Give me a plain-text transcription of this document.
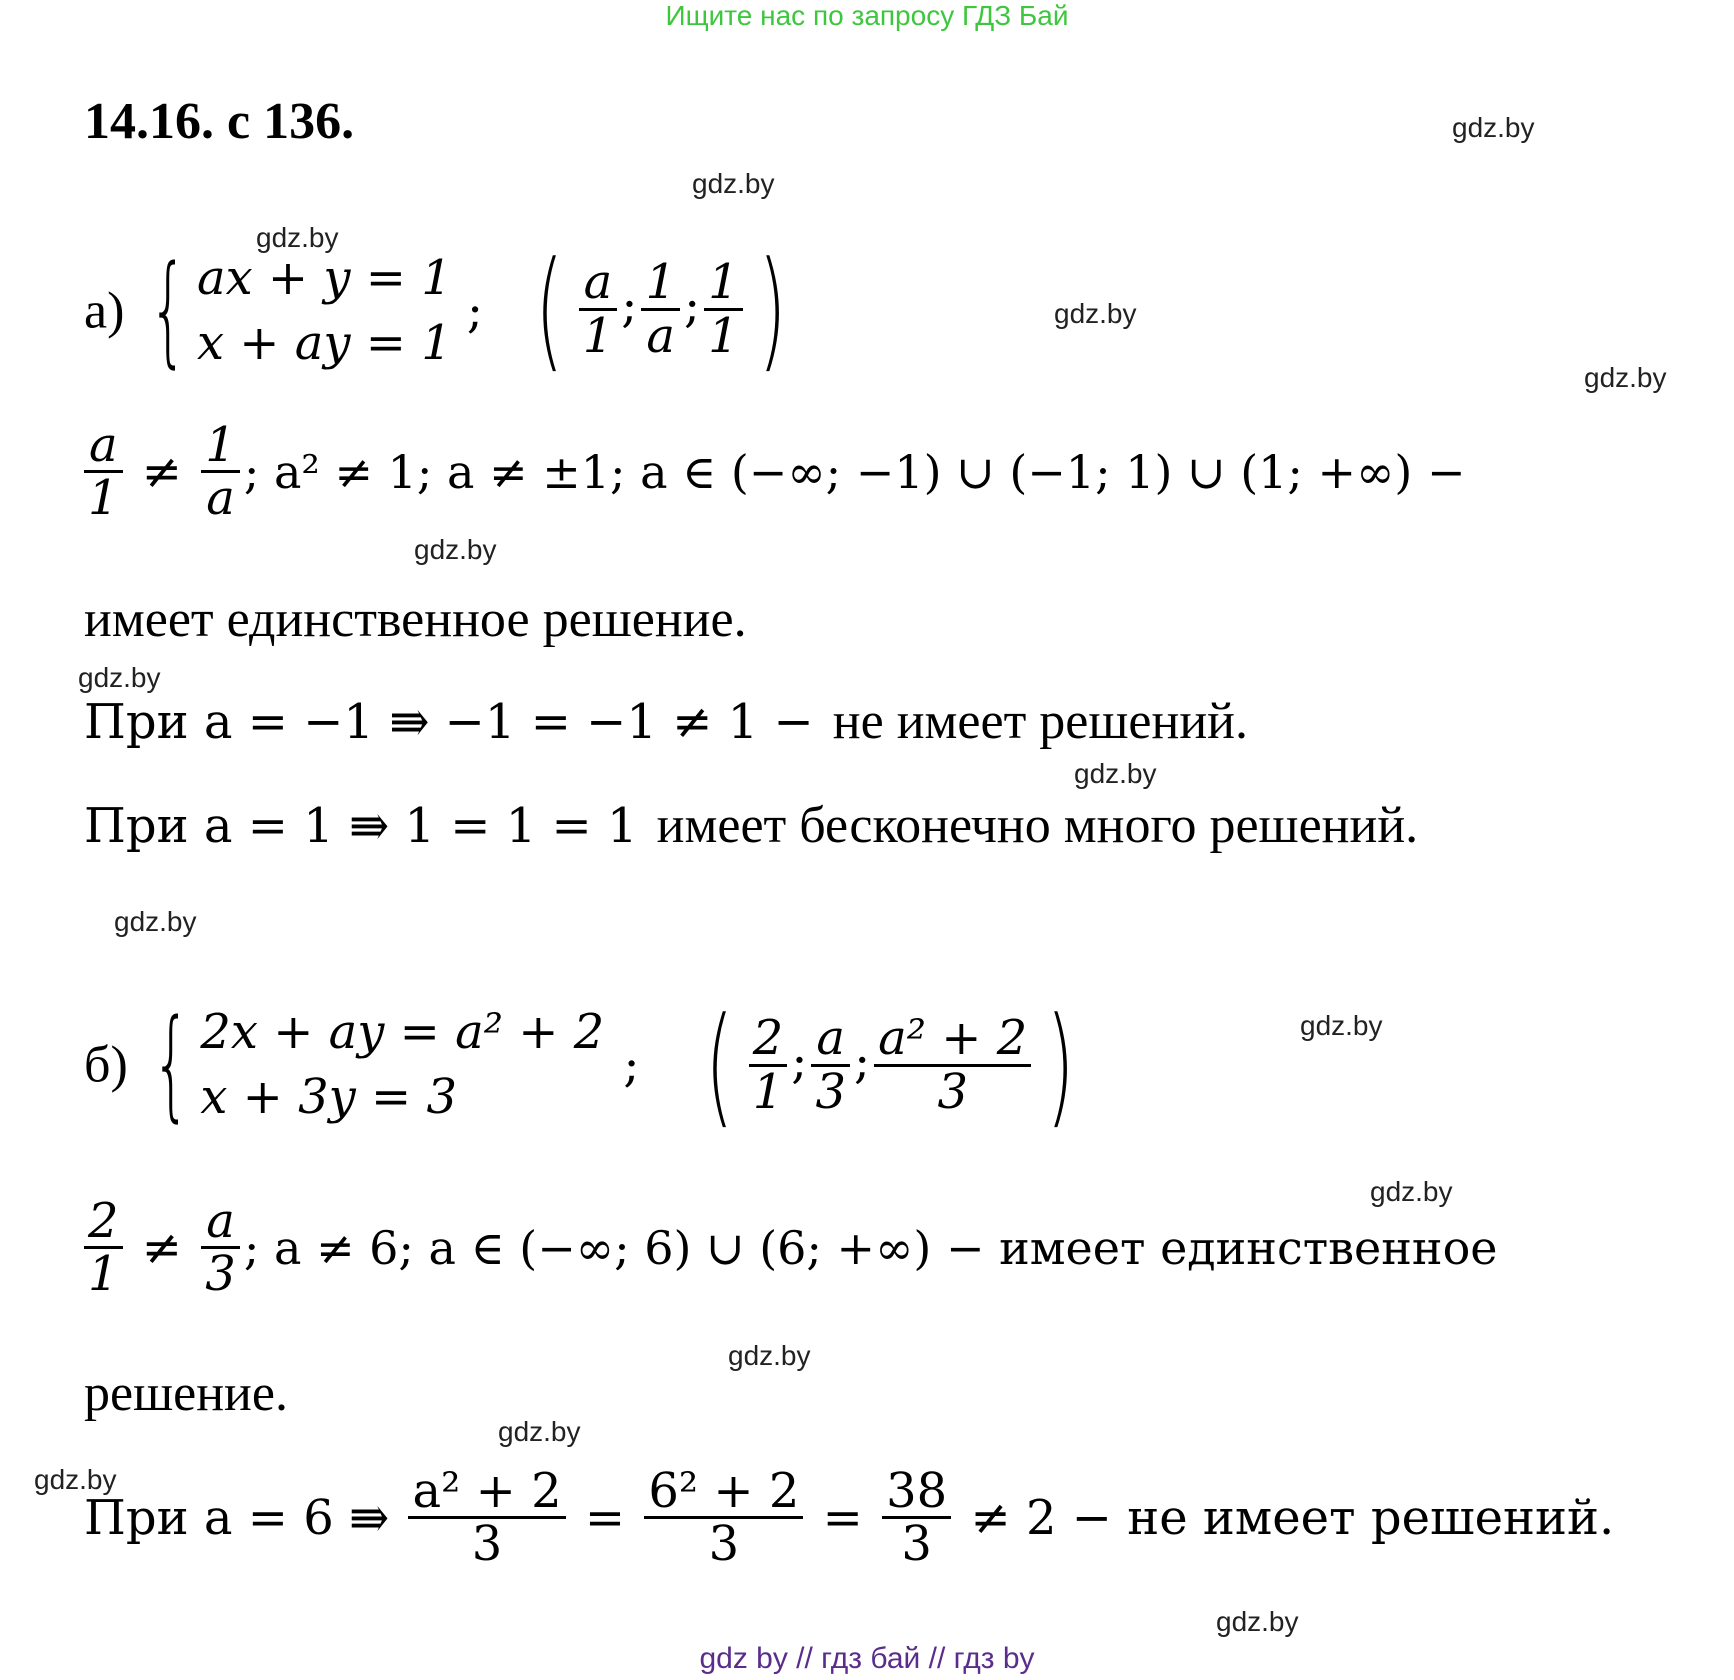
Ищите нас по запросу ГДЗ Бай
14.16. с 136.	gdz.by
gdz.by
gdz.by
gdz.by
gdz.by
gdz.by
gdz.by
gdz.by
gdz.by
gdz.by
gdz.by
gdz.by
gdz.by
gdz.by
gdz.by
а) { ax + y = 1
x + ay = 1
; ( $\frac{a}{1}$ ; $\frac{1}{a}$ ; $\frac{1}{1}$ )
$\frac{a}{1} \ne \frac{1}{a}$ ; a² ≠ 1; a ≠ ±1; a ∈ (−∞; −1) ∪ (−1; 1) ∪ (1; +∞) −
имеет единственное решение.
При a = −1 ⇛ −1 = −1 ≠ 1 − не имеет решений.
При a = 1 ⇛ 1 = 1 = 1 имеет бесконечно много решений.
б) { 2x + ay = a² + 2
x + 3y = 3
; ( $\frac{2}{1}$ ; $\frac{a}{3}$ ; $\frac{\text{a² + 2}}{3}$ )
$\frac{2}{1} \ne \frac{a}{3}$ ; a ≠ 6; a ∈ (−∞; 6) ∪ (6; +∞) − имеет единственное
решение.
При a = 6 ⇛ $\frac{\text{a² + 2}}{3} = \frac{\text{6² + 2}}{3} = \frac{38}{3} \ne 2$ − не имеет решений.
gdz by // гдз бай // гдз by
